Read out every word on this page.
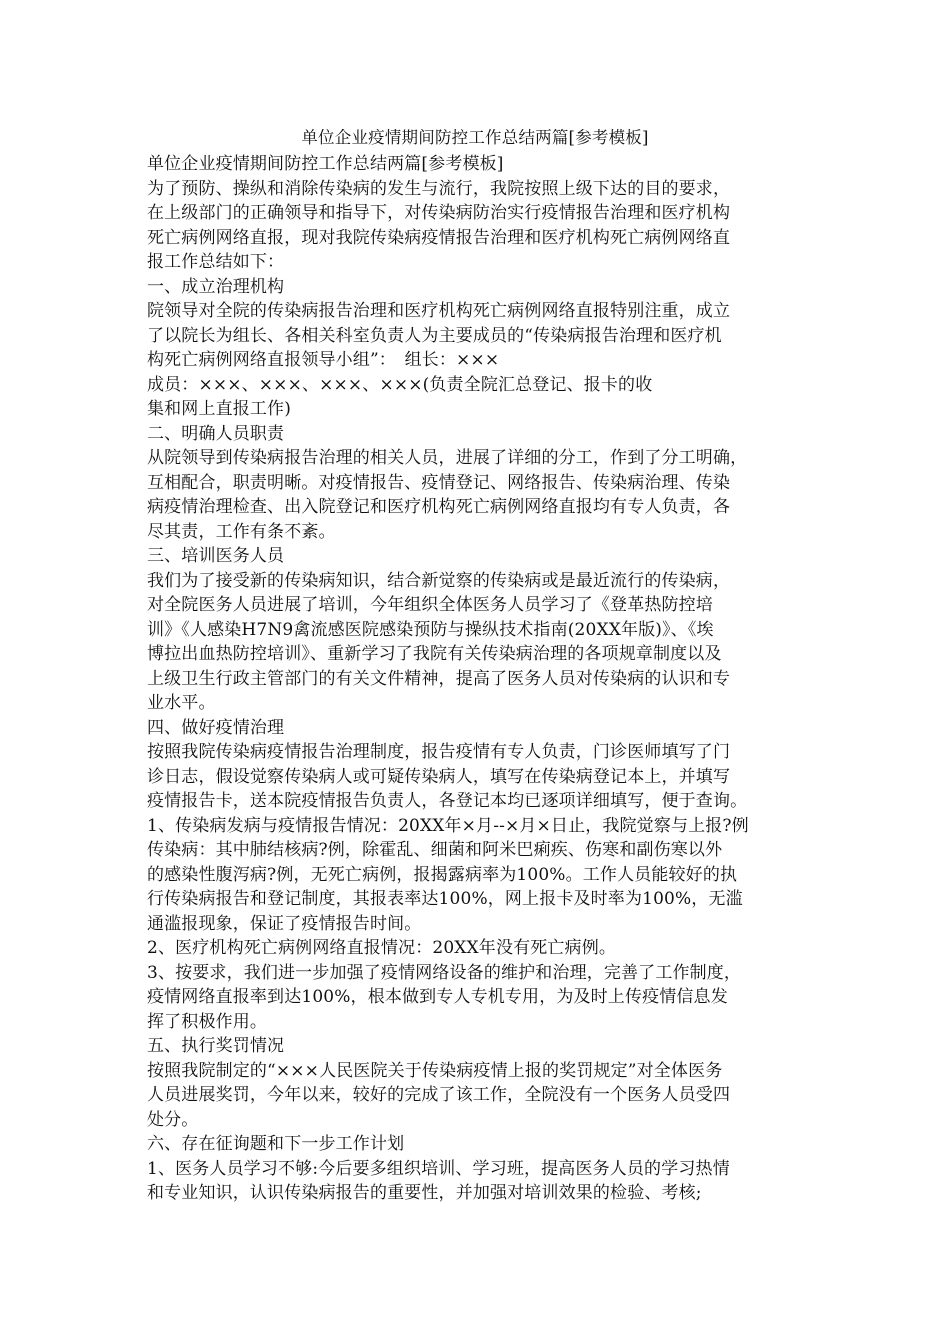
单位企业疫情期间防控工作总结两篇[参考模板]
单位企业疫情期间防控工作总结两篇[参考模板]
为了预防、操纵和消除传染病的发生与流行，我院按照上级下达的目的要求，
在上级部门的正确领导和指导下，对传染病防治实行疫情报告治理和医疗机构
死亡病例网络直报，现对我院传染病疫情报告治理和医疗机构死亡病例网络直
报工作总结如下：
一、成立治理机构
院领导对全院的传染病报告治理和医疗机构死亡病例网络直报特别注重，成立
了以院长为组长、各相关科室负责人为主要成员的“传染病报告治理和医疗机
构死亡病例网络直报领导小组”：　组长：×××
成员：×××、×××、×××、×××(负责全院汇总登记、报卡的收
集和网上直报工作)
二、明确人员职责
从院领导到传染病报告治理的相关人员，进展了详细的分工，作到了分工明确，
互相配合，职责明晰。对疫情报告、疫情登记、网络报告、传染病治理、传染
病疫情治理检查、出入院登记和医疗机构死亡病例网络直报均有专人负责，各
尽其责，工作有条不紊。
三、培训医务人员
我们为了接受新的传染病知识，结合新觉察的传染病或是最近流行的传染病，
对全院医务人员进展了培训，今年组织全体医务人员学习了《登革热防控培
训》《人感染H7N9禽流感医院感染预防与操纵技术指南(20XX年版)》、《埃
博拉出血热防控培训》、重新学习了我院有关传染病治理的各项规章制度以及
上级卫生行政主管部门的有关文件精神，提高了医务人员对传染病的认识和专
业水平。
四、做好疫情治理
按照我院传染病疫情报告治理制度，报告疫情有专人负责，门诊医师填写了门
诊日志，假设觉察传染病人或可疑传染病人，填写在传染病登记本上，并填写
疫情报告卡，送本院疫情报告负责人，各登记本均已逐项详细填写，便于查询。
1、传染病发病与疫情报告情况：20XX年×月--×月×日止，我院觉察与上报?例
传染病：其中肺结核病?例，除霍乱、细菌和阿米巴痢疾、伤寒和副伤寒以外
的感染性腹泻病?例，无死亡病例，报揭露病率为100%。工作人员能较好的执
行传染病报告和登记制度，其报表率达100%，网上报卡及时率为100%，无滥
通滥报现象，保证了疫情报告时间。
2、医疗机构死亡病例网络直报情况：20XX年没有死亡病例。
3、按要求，我们进一步加强了疫情网络设备的维护和治理，完善了工作制度，
疫情网络直报率到达100%，根本做到专人专机专用，为及时上传疫情信息发
挥了积极作用。
五、执行奖罚情况
按照我院制定的“×××人民医院关于传染病疫情上报的奖罚规定”对全体医务
人员进展奖罚，今年以来，较好的完成了该工作，全院没有一个医务人员受四
处分。
六、存在征询题和下一步工作计划
1、医务人员学习不够:今后要多组织培训、学习班，提高医务人员的学习热情
和专业知识，认识传染病报告的重要性，并加强对培训效果的检验、考核;
